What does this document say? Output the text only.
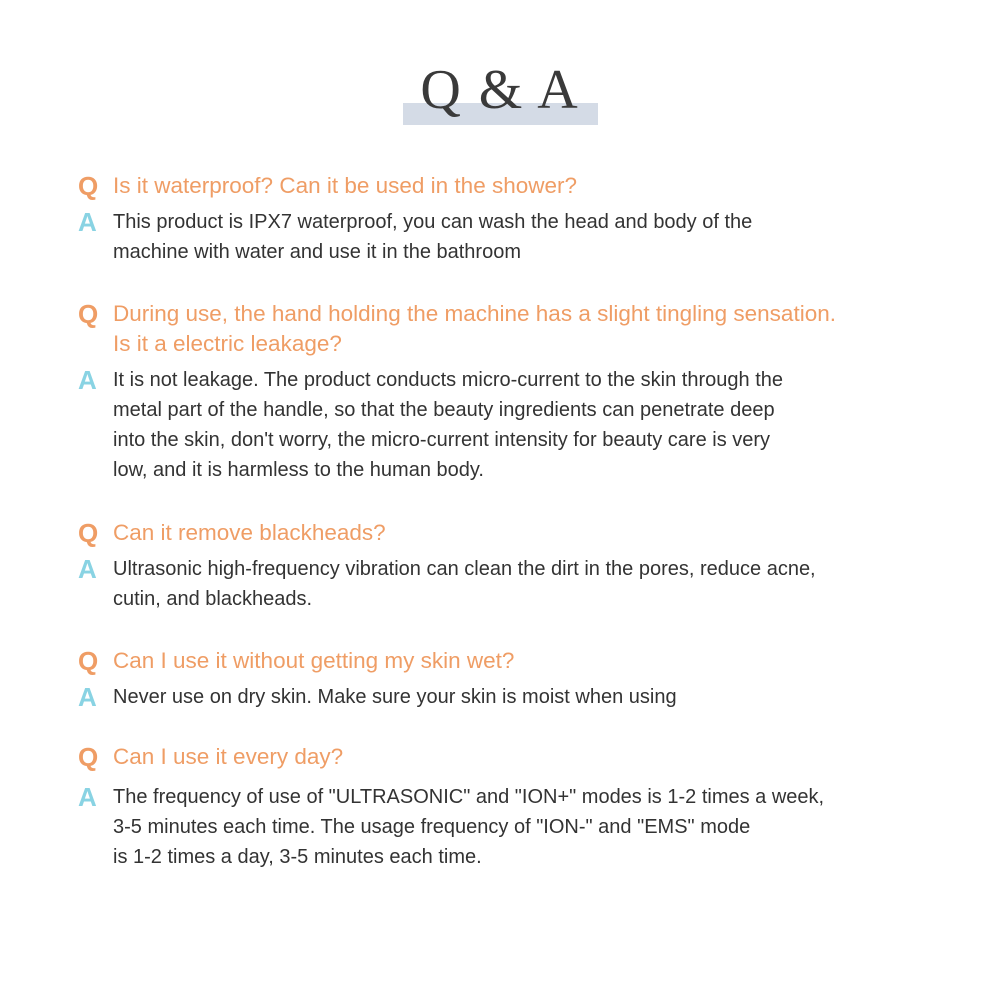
Q & A
Q Is it waterproof? Can it be used in the shower?
A This product is IPX7 waterproof, you can wash the head and body of the
machine with water and use it in the bathroom
Q During use, the hand holding the machine has a slight tingling sensation.
Is it a electric leakage?
A It is not leakage. The product conducts micro-current to the skin through the
metal part of the handle, so that the beauty ingredients can penetrate deep
into the skin, don't worry, the micro-current intensity for beauty care is very
low, and it is harmless to the human body.
Q Can it remove blackheads?
A Ultrasonic high-frequency vibration can clean the dirt in the pores, reduce acne,
cutin, and blackheads.
Q Can I use it without getting my skin wet?
A Never use on dry skin. Make sure your skin is moist when using
Q Can I use it every day?
A The frequency of use of "ULTRASONIC" and "ION+" modes is 1-2 times a week,
3-5 minutes each time. The usage frequency of "ION-" and "EMS" mode
is 1-2 times a day, 3-5 minutes each time.
